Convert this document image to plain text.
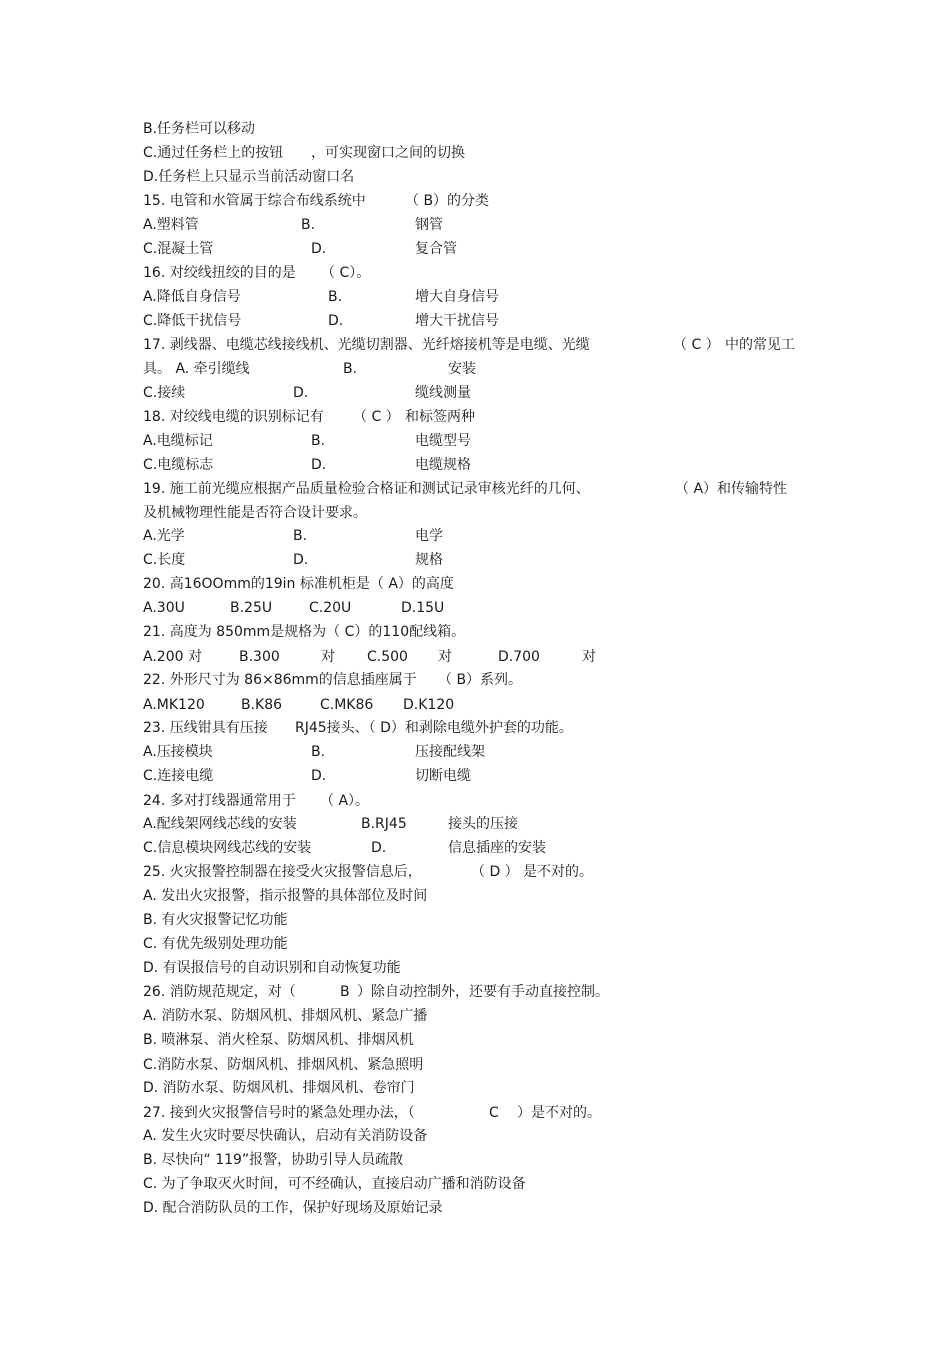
B.任务栏可以移动
C.通过任务栏上的按钮 ，可实现窗口之间的切换
D.任务栏上只显示当前活动窗口名
15. 电管和水管属于综合布线系统中	（ B）的分类
A.塑料管	B.	钢管
C.混凝土管	D.	复合管
16. 对绞线扭绞的目的是 （ C）。
A.降低自身信号	B.	增大自身信号
C.降低干扰信号	D.	增大干扰信号
17. 剥线器、电缆芯线接线机、光缆切割器、光纤熔接机等是电缆、光缆	（ C ） 中的常见工
具。 A. 牵引缆线	B.	安装
C.接续	D.	缆线测量
18. 对绞线电缆的识别标记有 （ C ） 和标签两种
A.电缆标记	B.	电缆型号
C.电缆标志	D.	电缆规格
19. 施工前光缆应根据产品质量检验合格证和测试记录审核光纤的几何、	（ A）和传输特性
及机械物理性能是否符合设计要求。
A.光学	B.	电学
C.长度	D.	规格
20. 高16OOmm的19in 标准机柜是（ A）的高度
A.30U	B.25U	C.20U	D.15U
21. 高度为 850mm是规格为（ C）的110配线箱。
A.200 对	B.300	对 C.500 对	D.700	对
22. 外形尺寸为 86×86mm的信息插座属于 （ B）系列。
A.MK120	B.K86	C.MK86 D.K120
23. 压线钳具有压接 RJ45接头、（ D）和剥除电缆外护套的功能。
A.压接模块	B.	压接配线架
C.连接电缆	D.	切断电缆
24. 多对打线器通常用于 （ A）。
A.配线架网线芯线的安装	B.RJ45	接头的压接
C.信息模块网线芯线的安装	D.	信息插座的安装
25. 火灾报警控制器在接受火灾报警信息后，	（ D ） 是不对的。
A. 发出火灾报警，指示报警的具体部位及时间
B. 有火灾报警记忆功能
C. 有优先级别处理功能
D. 有误报信号的自动识别和自动恢复功能
26. 消防规范规定，对（	B ）除自动控制外，还要有手动直接控制。
A. 消防水泵、防烟风机、排烟风机、紧急广播
B. 喷淋泵、消火栓泵、防烟风机、排烟风机
C.消防水泵、防烟风机、排烟风机、紧急照明
D. 消防水泵、防烟风机、排烟风机、卷帘门
27. 接到火灾报警信号时的紧急处理办法，（	C ）是不对的。
A. 发生火灾时要尽快确认，启动有关消防设备
B. 尽快向“ 119”报警，协助引导人员疏散
C. 为了争取灭火时间，可不经确认，直接启动广播和消防设备
D. 配合消防队员的工作，保护好现场及原始记录
